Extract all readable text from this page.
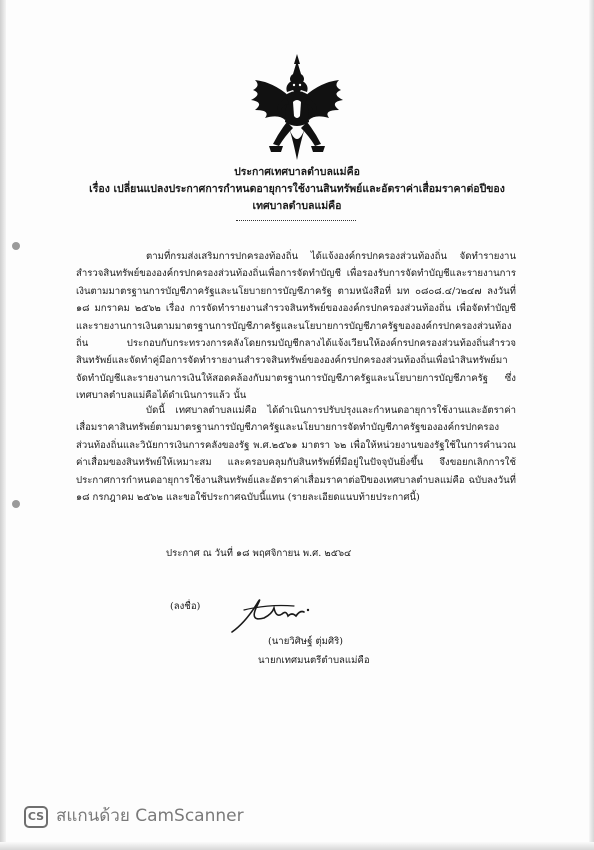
ประกาศเทศบาลตำบลแม่คือ
เรื่อง เปลี่ยนแปลงประกาศการกำหนดอายุการใช้งานสินทรัพย์และอัตราค่าเสื่อมราคาต่อปีของ
เทศบาลตำบลแม่คือ

ตามที่กรมส่งเสริมการปกครองท้องถิ่น ได้แจ้งองค์กรปกครองส่วนท้องถิ่น จัดทำรายงานสำรวจสินทรัพย์ขององค์กรปกครองส่วนท้องถิ่นเพื่อการจัดทำบัญชี เพื่อรองรับการจัดทำบัญชีและรายงานการเงินตามมาตรฐานการบัญชีภาครัฐและนโยบายการบัญชีภาครัฐ ตามหนังสือที่ มท ๐๘๐๘.๔/ว๒๔๗ ลงวันที่ ๑๘ มกราคม ๒๕๖๒ เรื่อง การจัดทำรายงานสำรวจสินทรัพย์ขององค์กรปกครองส่วนท้องถิ่น เพื่อจัดทำบัญชีและรายงานการเงินตามมาตรฐานการบัญชีภาครัฐและนโยบายการบัญชีภาครัฐขององค์กรปกครองส่วนท้องถิ่น ประกอบกับกระทรวงการคลังโดยกรมบัญชีกลางได้แจ้งเวียนให้องค์กรปกครองส่วนท้องถิ่นสำรวจสินทรัพย์และจัดทำคู่มือการจัดทำรายงานสำรวจสินทรัพย์ขององค์กรปกครองส่วนท้องถิ่นเพื่อนำสินทรัพย์มาจัดทำบัญชีและรายงานการเงินให้สอดคล้องกับมาตรฐานการบัญชีภาครัฐและนโยบายการบัญชีภาครัฐ ซึ่งเทศบาลตำบลแม่คือได้ดำเนินการแล้ว นั้น

บัดนี้ เทศบาลตำบลแม่คือ ได้ดำเนินการปรับปรุงและกำหนดอายุการใช้งานและอัตราค่าเสื่อมราคาสินทรัพย์ตามมาตรฐานการบัญชีภาครัฐและนโยบายการจัดทำบัญชีภาครัฐขององค์กรปกครองส่วนท้องถิ่นและวินัยการเงินการคลังของรัฐ พ.ศ.๒๕๖๑ มาตรา ๖๒ เพื่อให้หน่วยงานของรัฐใช้ในการคำนวณค่าเสื่อมของสินทรัพย์ให้เหมาะสม และครอบคลุมกับสินทรัพย์ที่มีอยู่ในปัจจุบันยิ่งขึ้น จึงขอยกเลิกการใช้ประกาศการกำหนดอายุการใช้งานสินทรัพย์และอัตราค่าเสื่อมราคาต่อปีของเทศบาลตำบลแม่คือ ฉบับลงวันที่ ๑๘ กรกฎาคม ๒๕๖๒ และขอใช้ประกาศฉบับนี้แทน (รายละเอียดแนบท้ายประกาศนี้)

ประกาศ ณ วันที่ ๑๘ พฤศจิกายน พ.ศ. ๒๕๖๔

(ลงชื่อ)

(นายวิศิษฐ์ ตุ่มศิริ)

นายกเทศมนตรีตำบลแม่คือ

CS สแกนด้วย CamScanner
